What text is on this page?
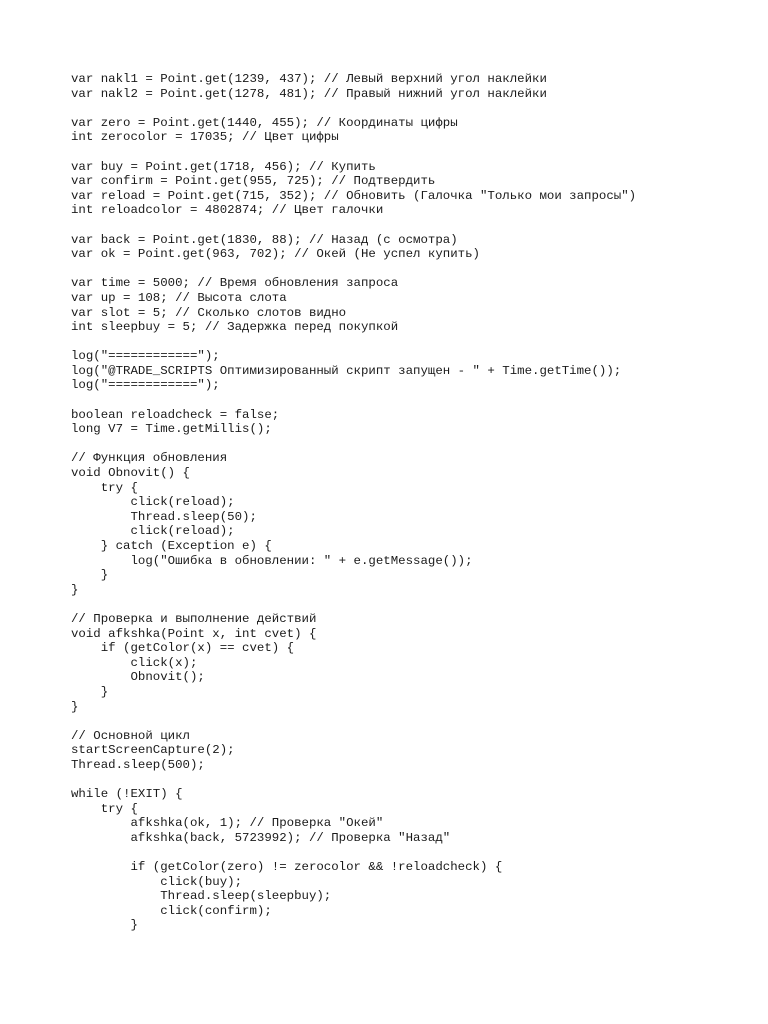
var nakl1 = Point.get(1239, 437); // Левый верхний угол наклейки
var nakl2 = Point.get(1278, 481); // Правый нижний угол наклейки
var zero = Point.get(1440, 455); // Координаты цифры
int zerocolor = 17035; // Цвет цифры
var buy = Point.get(1718, 456); // Купить
var confirm = Point.get(955, 725); // Подтвердить
var reload = Point.get(715, 352); // Обновить (Галочка "Только мои запросы")
int reloadcolor = 4802874; // Цвет галочки
var back = Point.get(1830, 88); // Назад (с осмотра)
var ok = Point.get(963, 702); // Окей (Не успел купить)
var time = 5000; // Время обновления запроса
var up = 108; // Высота слота
var slot = 5; // Сколько слотов видно
int sleepbuy = 5; // Задержка перед покупкой
log("============");
log("@TRADE_SCRIPTS Оптимизированный скрипт запущен - " + Time.getTime());
log("============");
boolean reloadcheck = false;
long V7 = Time.getMillis();
// Функция обновления
void Obnovit() {
try {
click(reload);
Thread.sleep(50);
click(reload);
} catch (Exception e) {
log("Ошибка в обновлении: " + e.getMessage());
}
}
// Проверка и выполнение действий
void afkshka(Point x, int cvet) {
if (getColor(x) == cvet) {
click(x);
Obnovit();
}
}
// Основной цикл
startScreenCapture(2);
Thread.sleep(500);
while (!EXIT) {
try {
afkshka(ok, 1); // Проверка "Окей"
afkshka(back, 5723992); // Проверка "Назад"
if (getColor(zero) != zerocolor && !reloadcheck) {
click(buy);
Thread.sleep(sleepbuy);
click(confirm);
}
